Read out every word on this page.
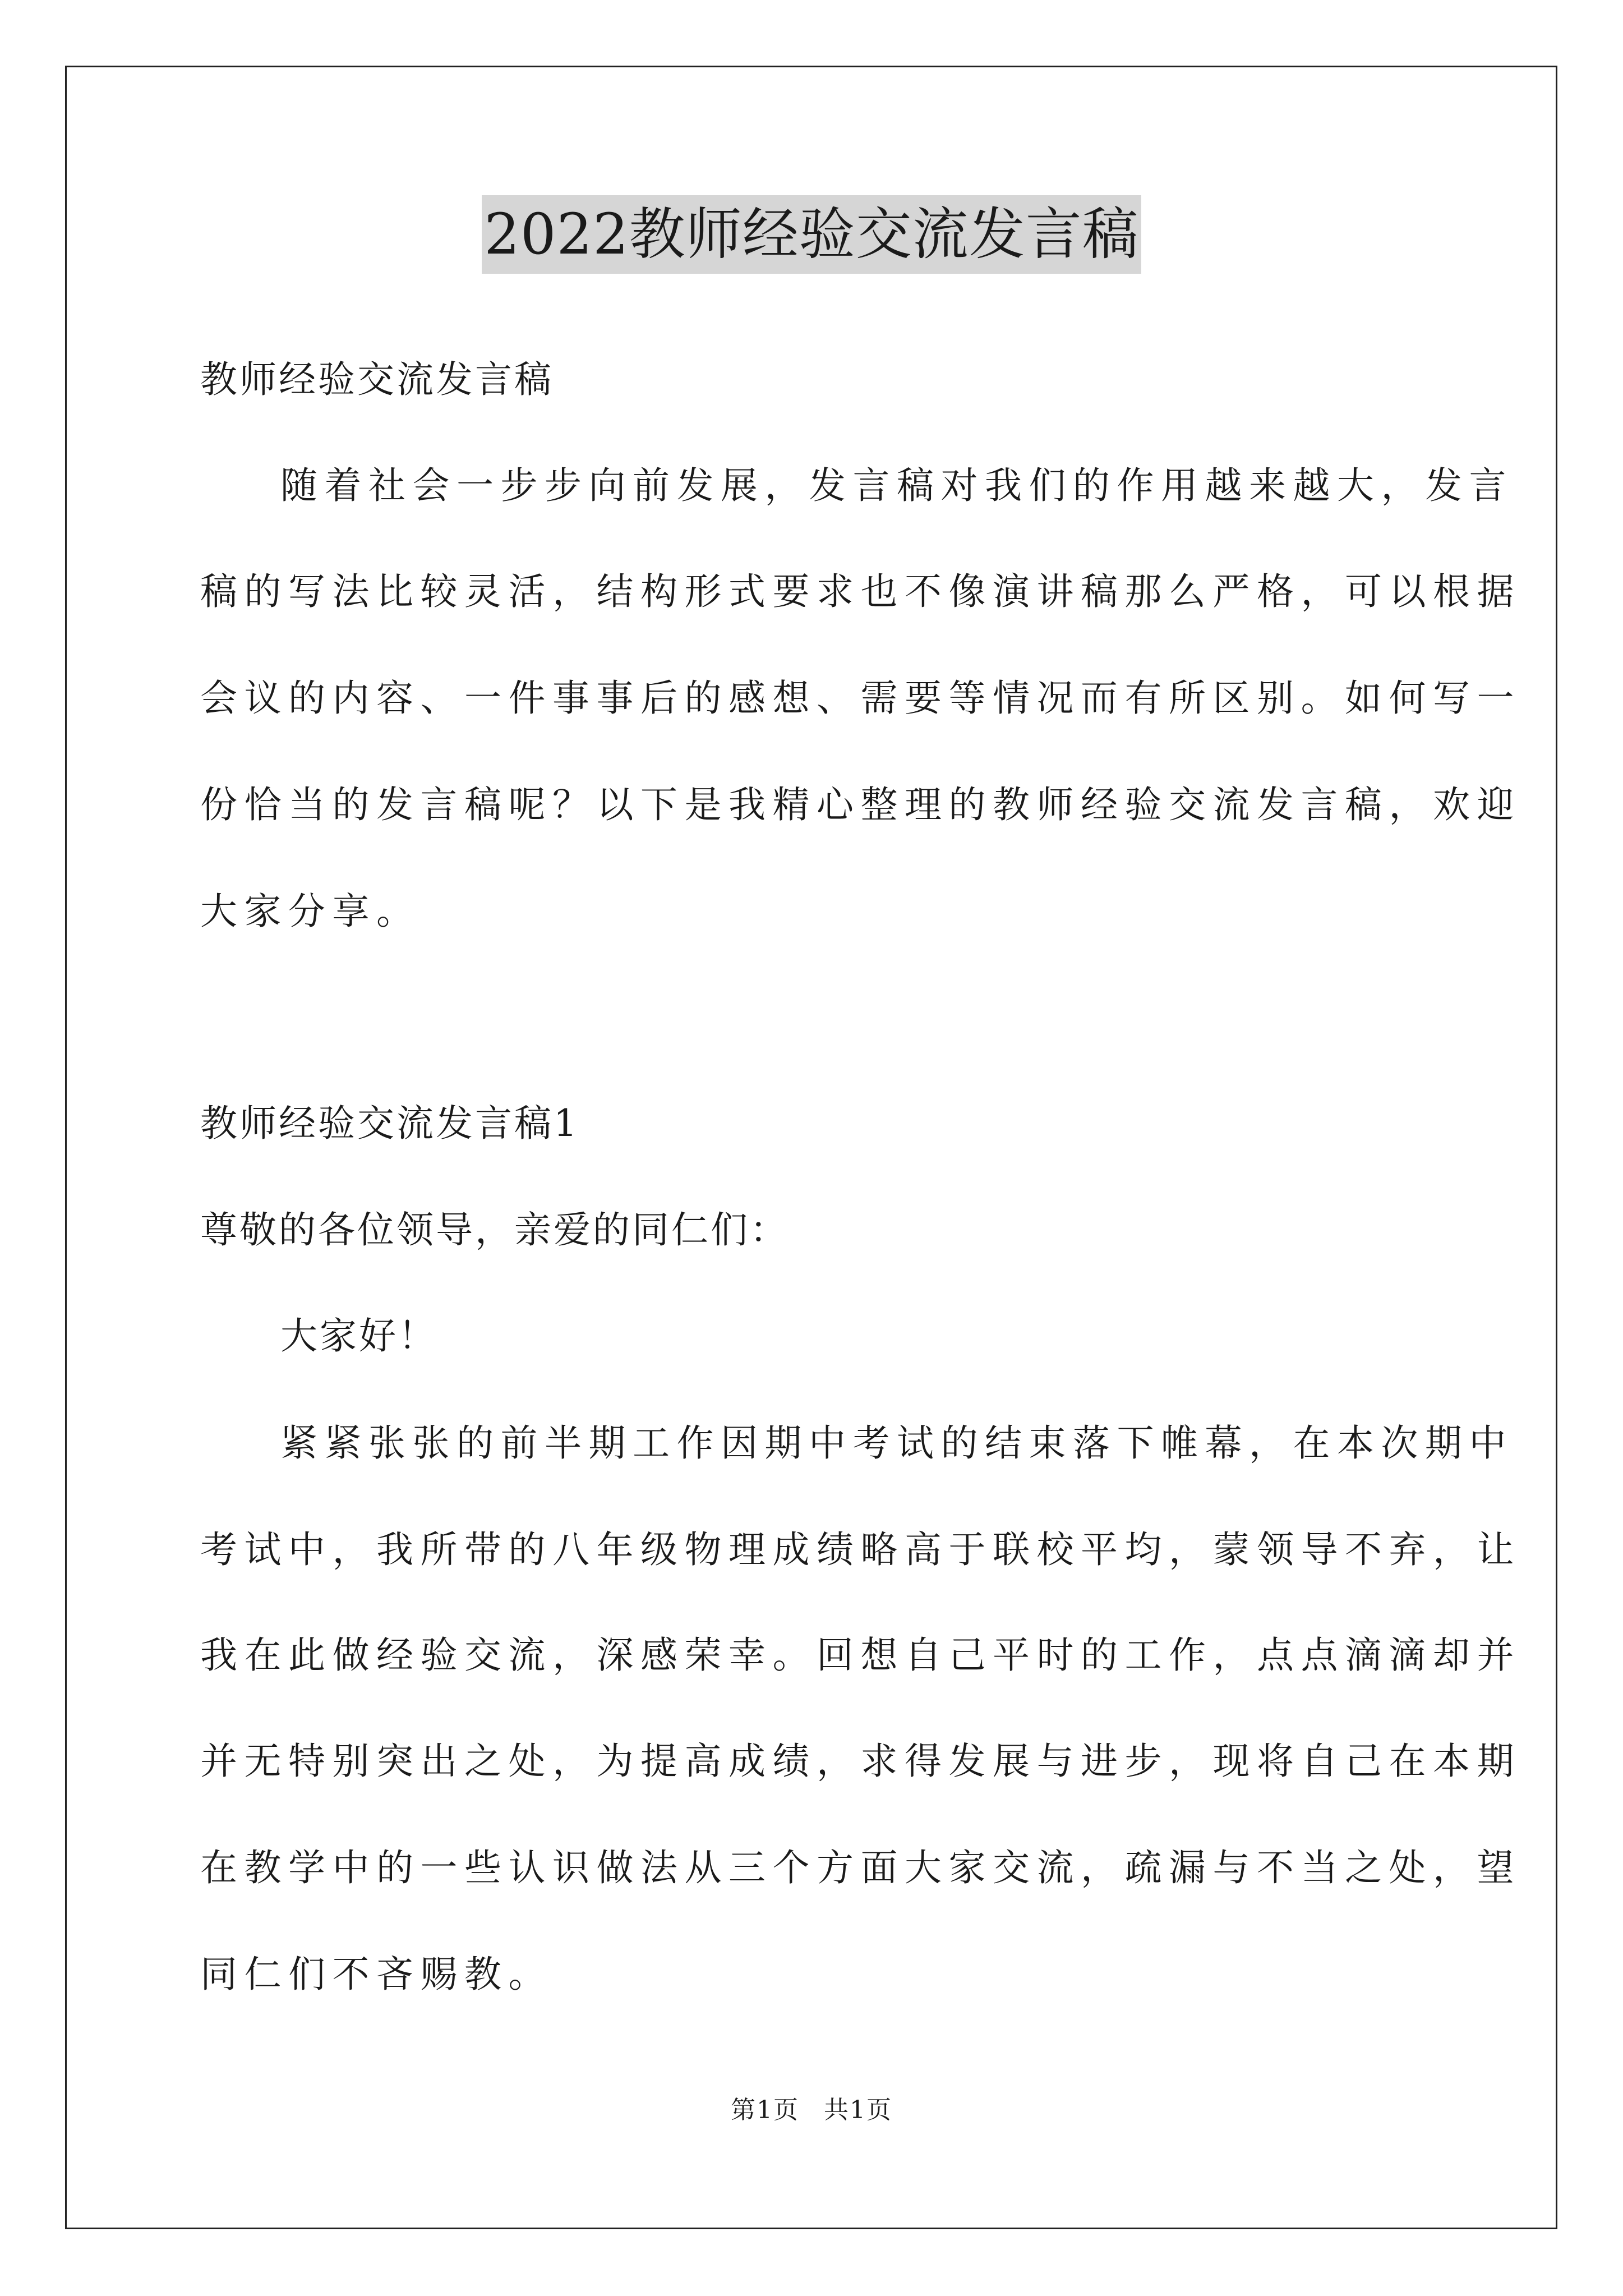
2022教师经验交流发言稿
教师经验交流发言稿
随着社会一步步向前发展，发言稿对我们的作用越来越大，发言
稿的写法比较灵活，结构形式要求也不像演讲稿那么严格，可以根据
会议的内容、一件事事后的感想、需要等情况而有所区别。如何写一
份恰当的发言稿呢？以下是我精心整理的教师经验交流发言稿，欢迎
大家分享。
教师经验交流发言稿1
尊敬的各位领导，亲爱的同仁们：
大家好！
紧紧张张的前半期工作因期中考试的结束落下帷幕，在本次期中
考试中，我所带的八年级物理成绩略高于联校平均，蒙领导不弃，让
我在此做经验交流，深感荣幸。回想自己平时的工作，点点滴滴却并
并无特别突出之处，为提高成绩，求得发展与进步，现将自己在本期
在教学中的一些认识做法从三个方面大家交流，疏漏与不当之处，望
同仁们不吝赐教。
第1页 共1页
